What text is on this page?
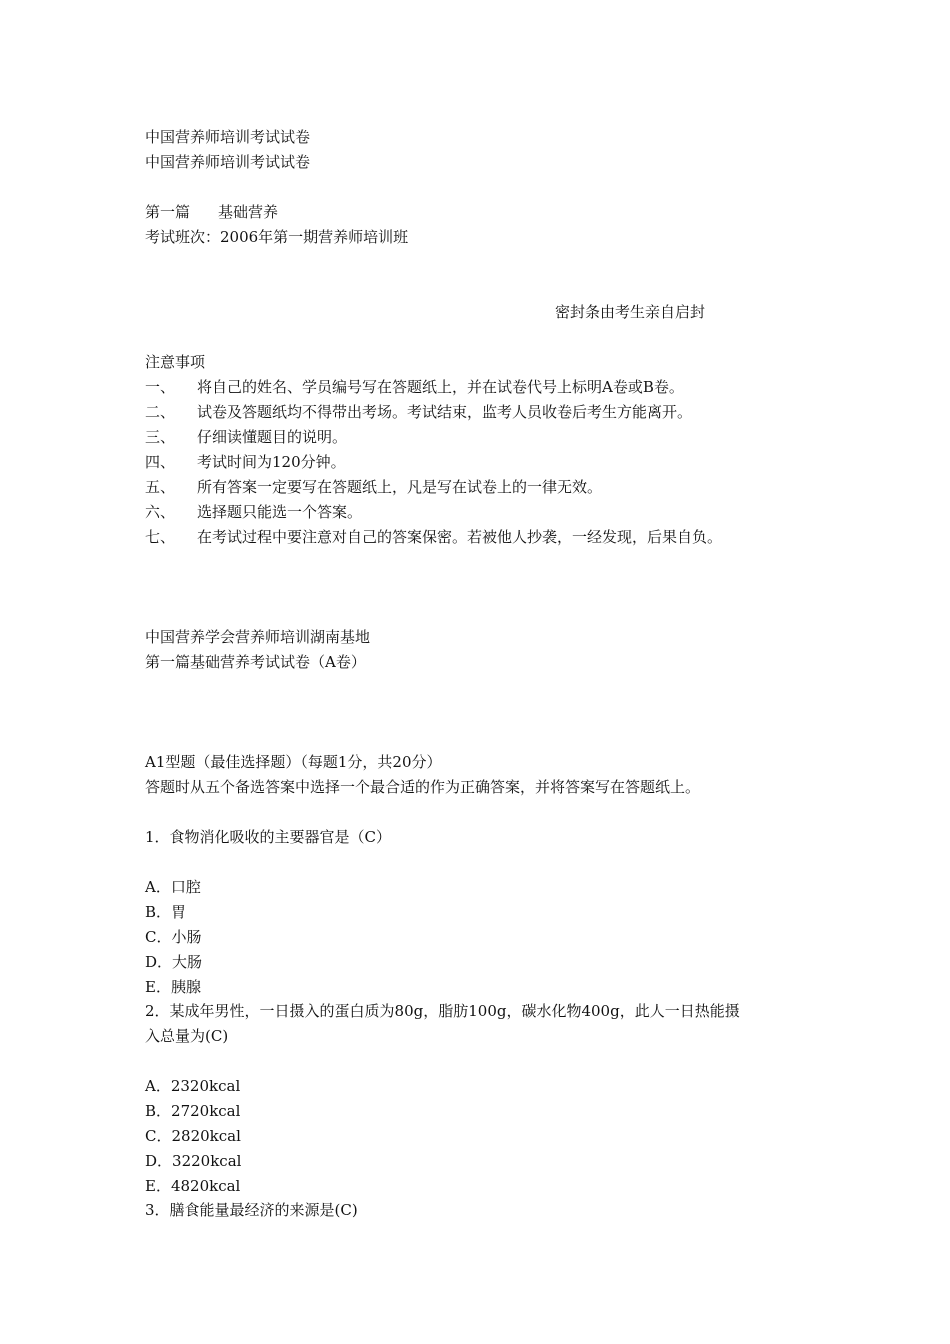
中国营养师培训考试试卷
中国营养师培训考试试卷
第一篇 基础营养
考试班次：2006年第一期营养师培训班
密封条由考生亲自启封
注意事项
一、 将自己的姓名、学员编号写在答题纸上，并在试卷代号上标明A卷或B卷。
二、 试卷及答题纸均不得带出考场。考试结束，监考人员收卷后考生方能离开。
三、 仔细读懂题目的说明。
四、 考试时间为120分钟。
五、 所有答案一定要写在答题纸上，凡是写在试卷上的一律无效。
六、 选择题只能选一个答案。
七、 在考试过程中要注意对自己的答案保密。若被他人抄袭，一经发现，后果自负。
中国营养学会营养师培训湖南基地
第一篇基础营养考试试卷（A卷）
A1型题（最佳选择题）（每题1分，共20分）
答题时从五个备选答案中选择一个最合适的作为正确答案，并将答案写在答题纸上。
1．食物消化吸收的主要器官是（C）
A．口腔
B．胃
C．小肠
D．大肠
E．胰腺
2．某成年男性，一日摄入的蛋白质为80g，脂肪100g，碳水化物400g，此人一日热能摄
入总量为(C)
A．2320kcal
B．2720kcal
C．2820kcal
D．3220kcal
E．4820kcal
3．膳食能量最经济的来源是(C)
